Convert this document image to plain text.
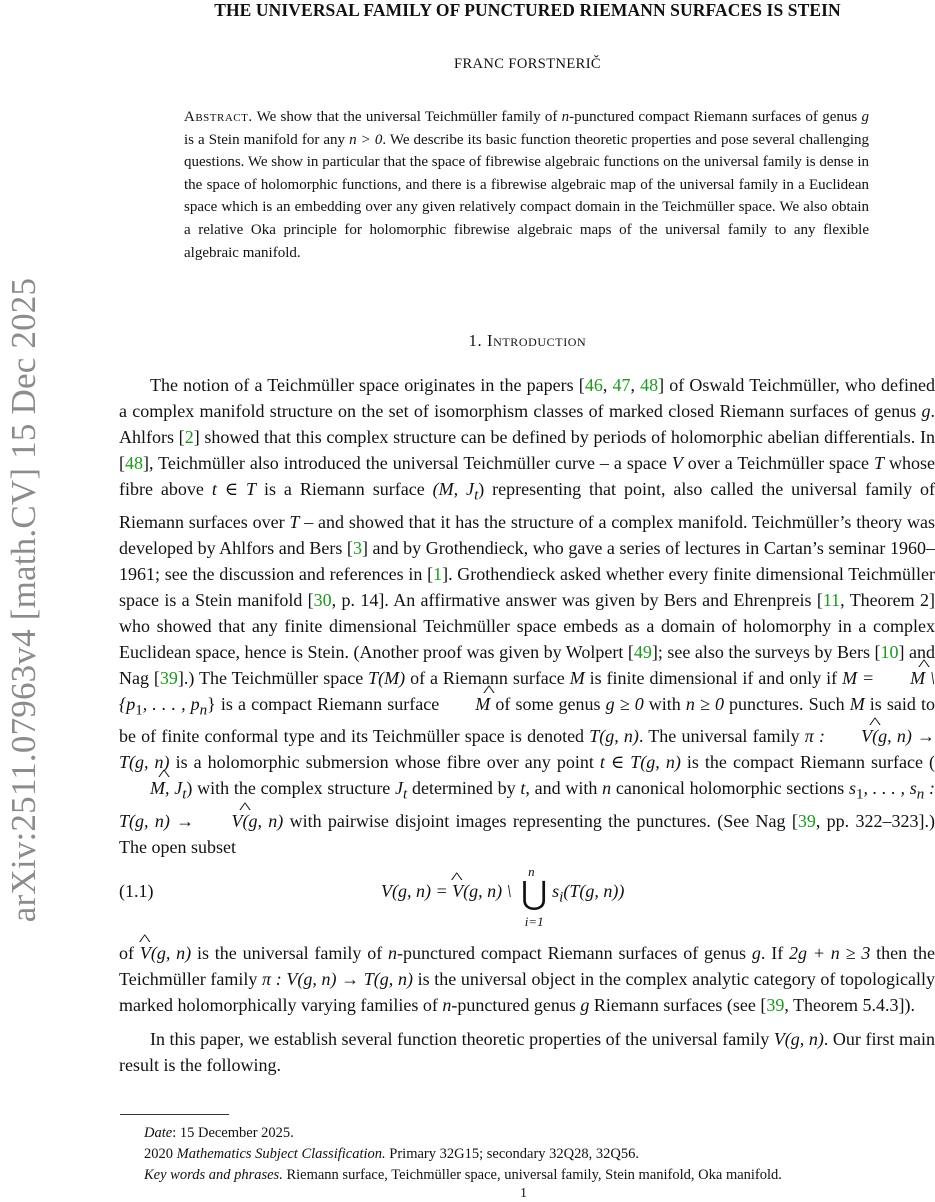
arXiv:2511.07963v4 [math.CV] 15 Dec 2025
THE UNIVERSAL FAMILY OF PUNCTURED RIEMANN SURFACES IS STEIN
FRANC FORSTNERIČ
Abstract. We show that the universal Teichmüller family of n-punctured compact Riemann surfaces of genus g is a Stein manifold for any n > 0. We describe its basic function theoretic properties and pose several challenging questions. We show in particular that the space of fibrewise algebraic functions on the universal family is dense in the space of holomorphic functions, and there is a fibrewise algebraic map of the universal family in a Euclidean space which is an embedding over any given relatively compact domain in the Teichmüller space. We also obtain a relative Oka principle for holomorphic fibrewise algebraic maps of the universal family to any flexible algebraic manifold.
1. Introduction

The notion of a Teichmüller space originates in the papers [46, 47, 48] of Oswald Teichmüller, who defined a complex manifold structure on the set of isomorphism classes of marked closed Riemann surfaces of genus g. Ahlfors [2] showed that this complex structure can be defined by periods of holomorphic abelian differentials. In [48], Teichmüller also introduced the universal Teichmüller curve – a space V over a Teichmüller space T whose fibre above t ∈ T is a Riemann surface (M, $J_t$) representing that point, also called the universal family of Riemann surfaces over T – and showed that it has the structure of a complex manifold. Teichmüller’s theory was developed by Ahlfors and Bers [3] and by Grothendieck, who gave a series of lectures in Cartan’s seminar 1960–1961; see the discussion and references in [1]. Grothendieck asked whether every finite dimensional Teichmüller space is a Stein manifold [30, p. 14]. An affirmative answer was given by Bers and Ehrenpreis [11, Theorem 2] who showed that any finite dimensional Teichmüller space embeds as a domain of holomorphy in a complex Euclidean space, hence is Stein. (Another proof was given by Wolpert [49]; see also the surveys by Bers [10] and Nag [39].) The Teichmüller space T(M) of a Riemann surface M is finite dimensional if and only if M = ^ M \ {$p_1$, . . . , $p_n$} is a compact Riemann surface ^ M of some genus g ≥ 0 with n ≥ 0 punctures. Such M is said to be of finite conformal type and its Teichmüller space is denoted T(g, n). The universal family π : ^ V(g, n) → T(g, n) is a holomorphic submersion whose fibre over any point t ∈ T(g, n) is the compact Riemann surface (^ M, $J_t$) with the complex structure $J_t$ determined by t, and with n canonical holomorphic sections $s_1$, . . . , $s_n$ : T(g, n) → ^ V(g, n) with pairwise disjoint images representing the punctures. (See Nag [39, pp. 322–323].) The open subset

(1.1)	V(g, n) = ^ V(g, n) \
n
⋃
i=1
$s_i(T(g$, n))

of ^ V(g, n) is the universal family of n-punctured compact Riemann surfaces of genus g. If 2g + n ≥ 3 then the Teichmüller family π : V(g, n) → T(g, n) is the universal object in the complex analytic category of topologically marked holomorphically varying families of n-punctured genus g Riemann surfaces (see [39, Theorem 5.4.3]).

In this paper, we establish several function theoretic properties of the universal family V(g, n). Our first main result is the following.

Date: 15 December 2025.
2020 Mathematics Subject Classification. Primary 32G15; secondary 32Q28, 32Q56.
Key words and phrases. Riemann surface, Teichmüller space, universal family, Stein manifold, Oka manifold.
1
